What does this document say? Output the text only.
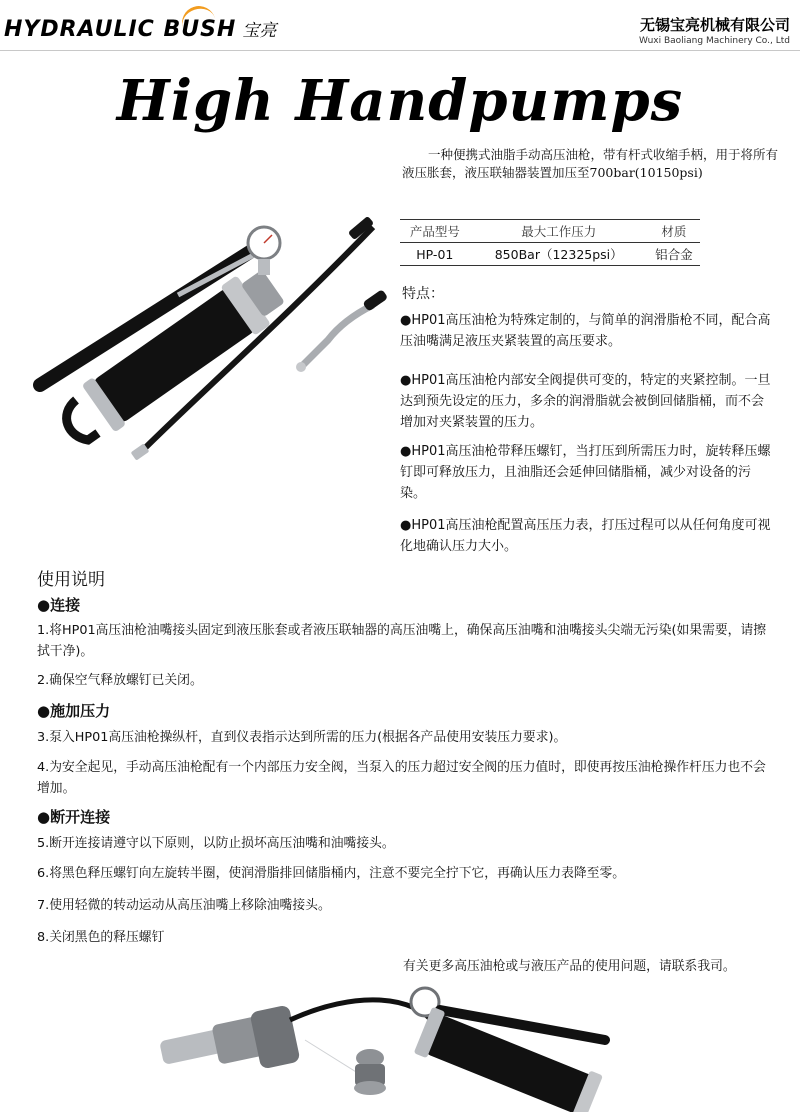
HYDRAULIC BUSH 宝亮	无锡宝亮机械有限公司
Wuxi Baoliang Machinery Co., Ltd
High Handpumps

一种便携式油脂手动高压油枪，带有杆式收缩手柄，用于将所有液压胀套，液压联轴器装置加压至700bar(10150psi)

产品型号	最大工作压力	材质
HP-01	850Bar（12325psi）	铝合金
特点：
●HP01高压油枪为特殊定制的，与简单的润滑脂枪不同，配合高压油嘴满足液压夹紧装置的高压要求。
●HP01高压油枪内部安全阀提供可变的，特定的夹紧控制。一旦达到预先设定的压力，多余的润滑脂就会被倒回储脂桶，而不会增加对夹紧装置的压力。
●HP01高压油枪带释压螺钉，当打压到所需压力时，旋转释压螺钉即可释放压力，且油脂还会延伸回储脂桶，减少对设备的污染。
●HP01高压油枪配置高压压力表，打压过程可以从任何角度可视化地确认压力大小。
使用说明
●连接
1.将HP01高压油枪油嘴接头固定到液压胀套或者液压联轴器的高压油嘴上，确保高压油嘴和油嘴接头尖端无污染(如果需要，请擦拭干净)。
2.确保空气释放螺钉已关闭。
●施加压力
3.泵入HP01高压油枪操纵杆，直到仪表指示达到所需的压力(根据各产品使用安装压力要求)。
4.为安全起见，手动高压油枪配有一个内部压力安全阀，当泵入的压力超过安全阀的压力值时，即使再按压油枪操作杆压力也不会增加。
●断开连接
5.断开连接请遵守以下原则，以防止损坏高压油嘴和油嘴接头。
6.将黑色释压螺钉向左旋转半圈，使润滑脂排回储脂桶内，注意不要完全拧下它，再确认压力表降至零。
7.使用轻微的转动运动从高压油嘴上移除油嘴接头。
8.关闭黑色的释压螺钉
有关更多高压油枪或与液压产品的使用问题，请联系我司。
